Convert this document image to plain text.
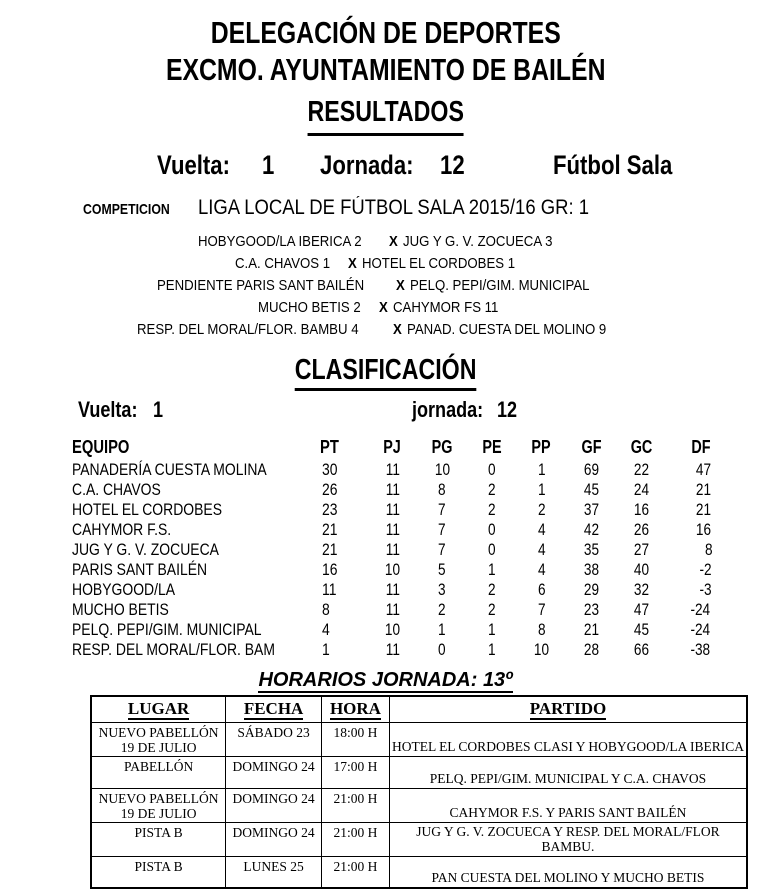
DELEGACIÓN DE DEPORTES
EXCMO. AYUNTAMIENTO DE BAILÉN
RESULTADOS
Vuelta:	1 Jornada: 12	Fútbol Sala
COMPETICION	LIGA LOCAL DE FÚTBOL SALA 2015/16 GR: 1
HOBYGOOD/LA IBERICA 2 X JUG Y G. V. ZOCUECA 3
C.A. CHAVOS 1 X HOTEL EL CORDOBES 1
PENDIENTE PARIS SANT BAILÉN X PELQ. PEPI/GIM. MUNICIPAL
MUCHO BETIS 2 X CAHYMOR FS 11
RESP. DEL MORAL/FLOR. BAMBU 4 X PANAD. CUESTA DEL MOLINO 9
CLASIFICACIÓN
Vuelta: 1	jornada: 12
EQUIPO	PT	PJ	PG	PE	PP	GF	GC	DF
PANADERÍA CUESTA MOLINA	30	11	10	0	1	69	22	47
C.A. CHAVOS	26	11	8	2	1	45	24	21
HOTEL EL CORDOBES	23	11	7	2	2	37	16	21
CAHYMOR F.S.	21	11	7	0	4	42	26	16
JUG Y G. V. ZOCUECA	21	11	7	0	4	35	27	8
PARIS SANT BAILÉN	16	10	5	1	4	38	40	-2
HOBYGOOD/LA	11	11	3	2	6	29	32	-3
MUCHO BETIS	8	11	2	2	7	23	47	-24
PELQ. PEPI/GIM. MUNICIPAL	4	10	1	1	8	21	45	-24
RESP. DEL MORAL/FLOR. BAM	1	11	0	1	10	28	66	-38
HORARIOS JORNADA: 13º
LUGAR	FECHA	HORA	PARTIDO
NUEVO PABELLÓN
19 DE JULIO	SÁBADO 23	18:00 H	HOTEL EL CORDOBES CLASI Y HOBYGOOD/LA IBERICA
PABELLÓN	DOMINGO 24	17:00 H	PELQ. PEPI/GIM. MUNICIPAL Y C.A. CHAVOS
NUEVO PABELLÓN
19 DE JULIO	DOMINGO 24	21:00 H	CAHYMOR F.S. Y PARIS SANT BAILÉN
PISTA B	DOMINGO 24	21:00 H	JUG Y G. V. ZOCUECA Y RESP. DEL MORAL/FLOR BAMBU.
PISTA B	LUNES 25	21:00 H	PAN CUESTA DEL MOLINO Y MUCHO BETIS
